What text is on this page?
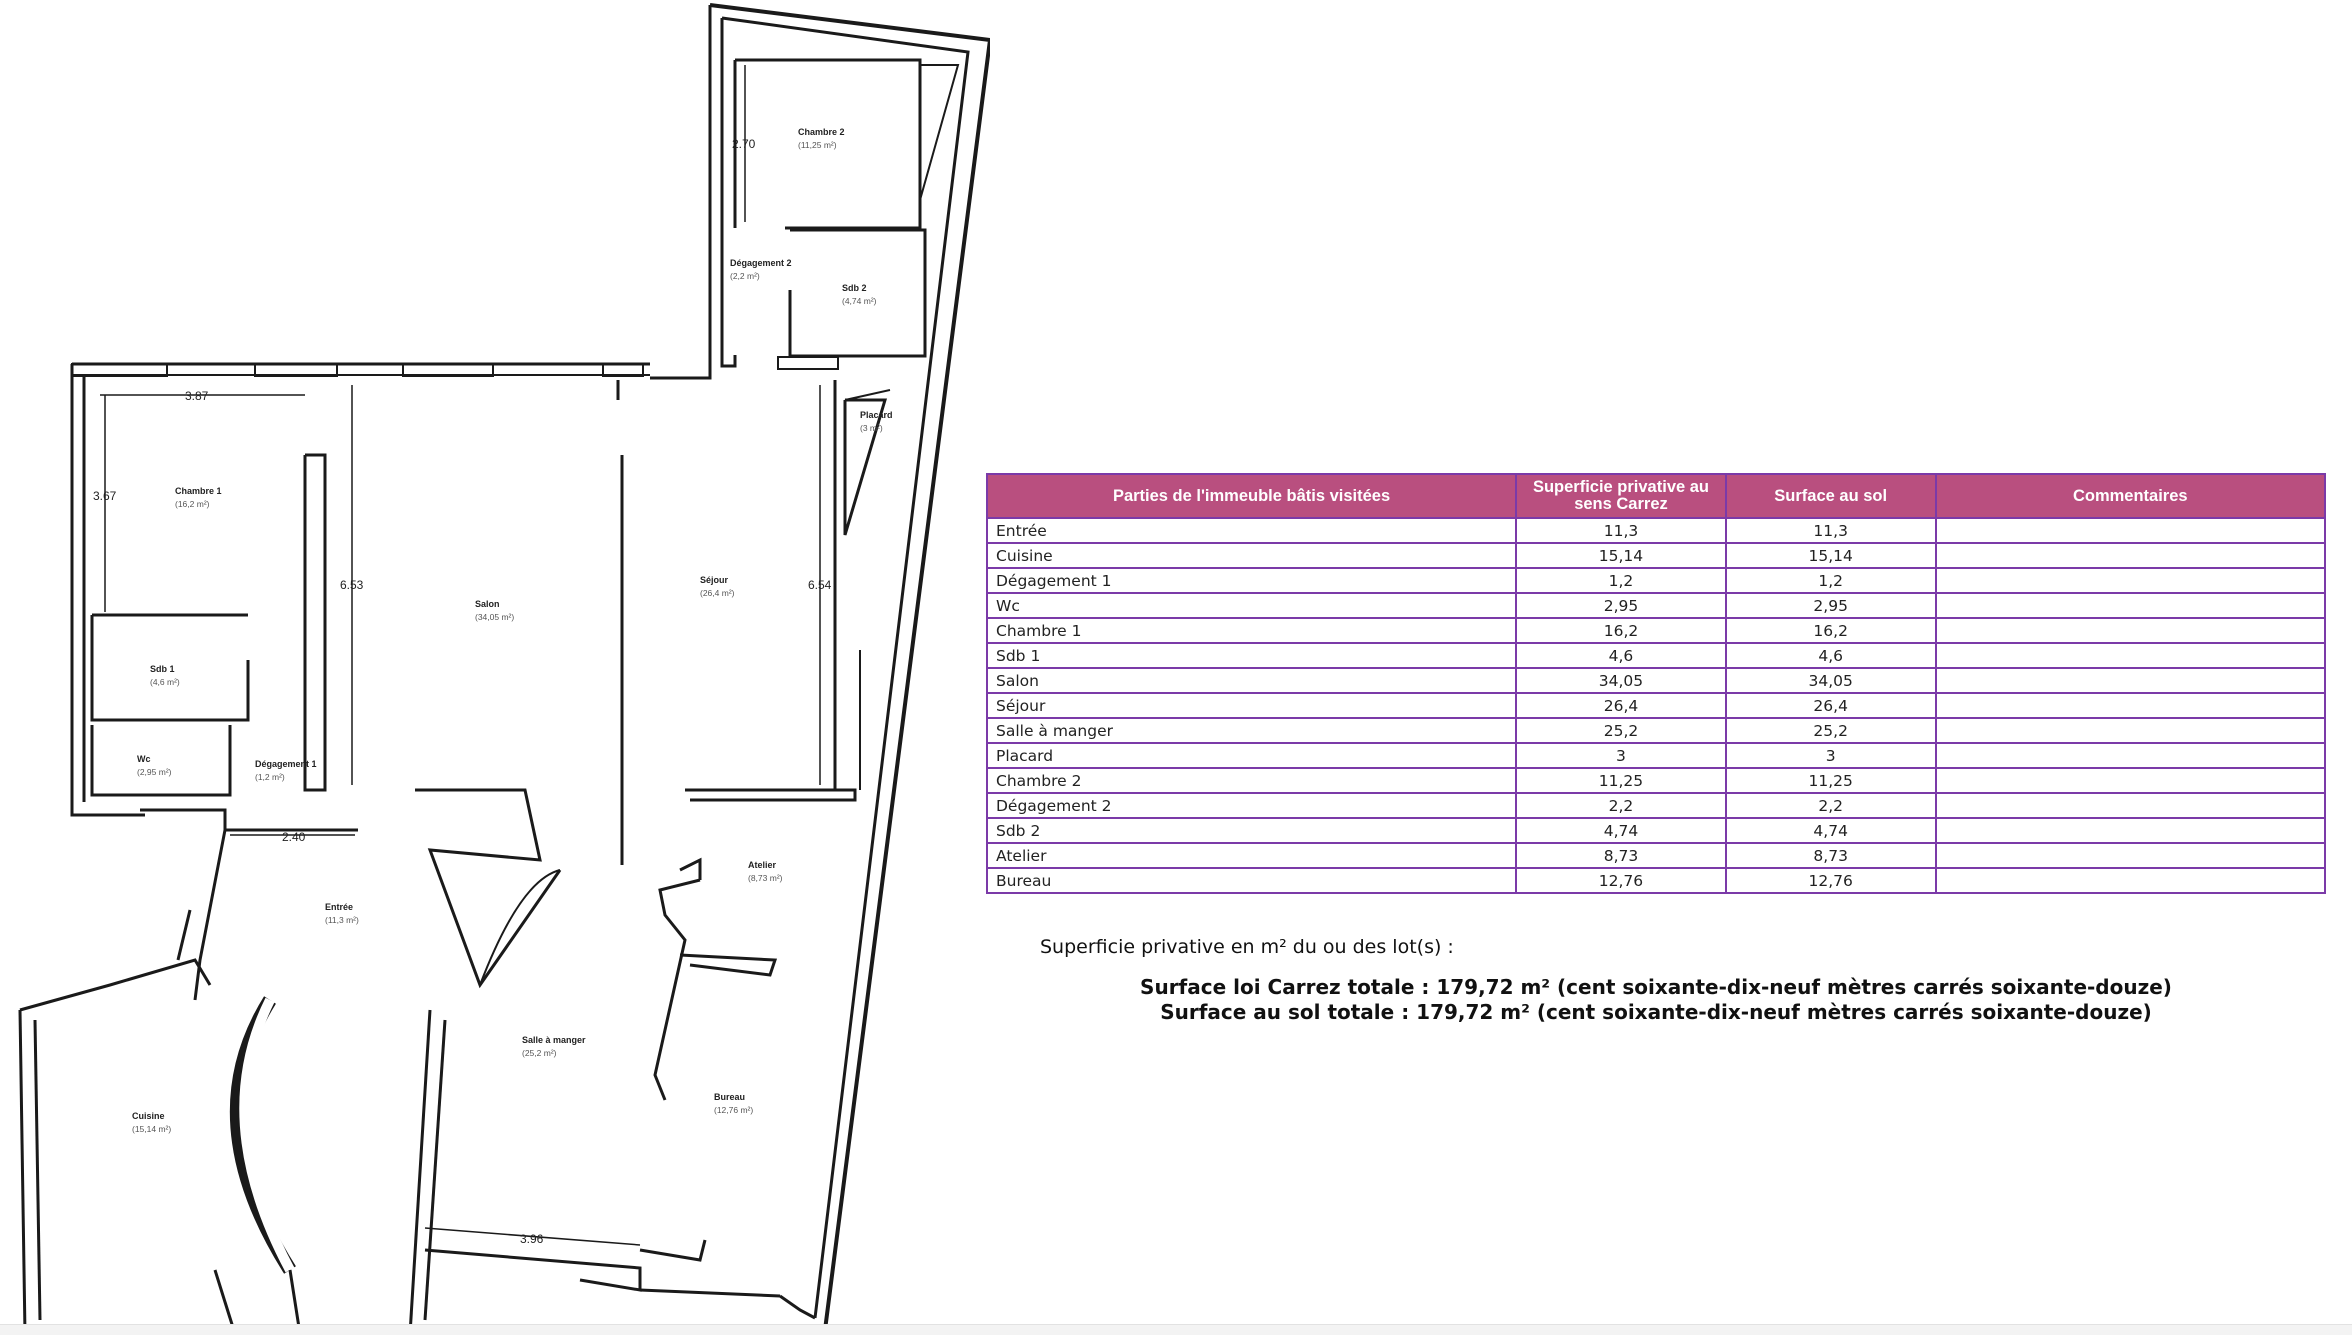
2.70
3.87
3.67
6.53	6.54
2.40
3.96
Chambre 2
(11,25 m²)
Dégagement 2
(2,2 m²)
Sdb 2
(4,74 m²)
Placard
(3 m²)
Chambre 1
(16,2 m²)
Salon
(34,05 m²)
Séjour
(26,4 m²)
Sdb 1
(4,6 m²)
Wc
(2,95 m²)
Dégagement 1
(1,2 m²)
Entrée
(11,3 m²)
Atelier
(8,73 m²)
Cuisine
(15,14 m²)
Salle à manger
(25,2 m²)
Bureau
(12,76 m²)
Parties de l'immeuble bâtis visitées	Superficie privative au
sens Carrez	Surface au sol	Commentaires
Entrée	11,3	11,3	
Cuisine	15,14	15,14	
Dégagement 1	1,2	1,2	
Wc	2,95	2,95	
Chambre 1	16,2	16,2	
Sdb 1	4,6	4,6	
Salon	34,05	34,05	
Séjour	26,4	26,4	
Salle à manger	25,2	25,2	
Placard	3	3	
Chambre 2	11,25	11,25	
Dégagement 2	2,2	2,2	
Sdb 2	4,74	4,74	
Atelier	8,73	8,73	
Bureau	12,76	12,76	
Superficie privative en m² du ou des lot(s) :
Surface loi Carrez totale : 179,72 m² (cent soixante-dix-neuf mètres carrés soixante-douze)
Surface au sol totale : 179,72 m² (cent soixante-dix-neuf mètres carrés soixante-douze)
